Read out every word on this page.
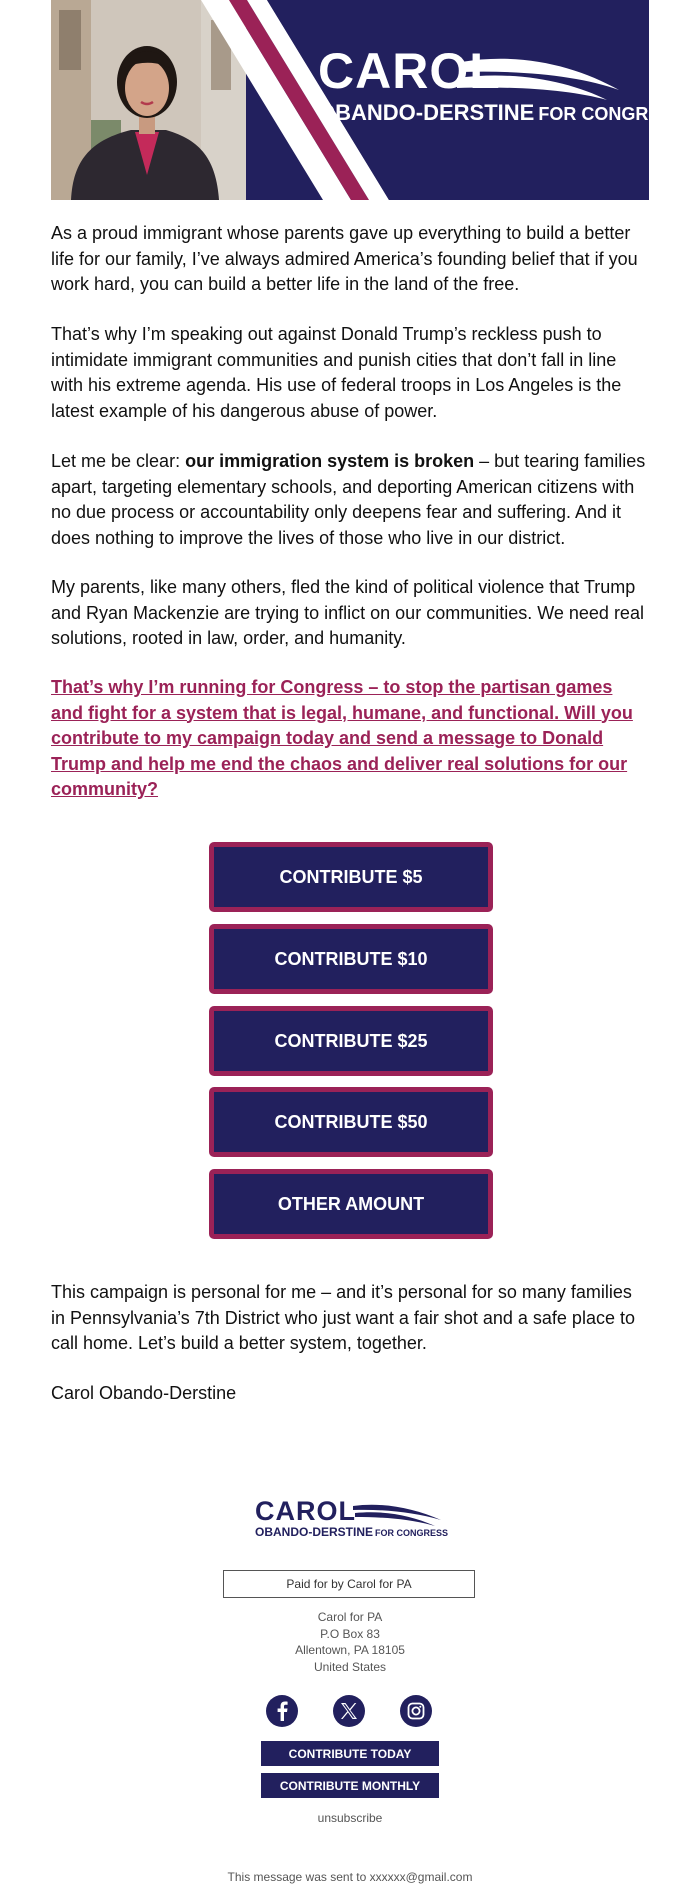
CAROL
OBANDO-DERSTINE FOR CONGRESS

As a proud immigrant whose parents gave up everything to build a better life for our family, I’ve always admired America’s founding belief that if you work hard, you can build a better life in the land of the free.

That’s why I’m speaking out against Donald Trump’s reckless push to intimidate immigrant communities and punish cities that don’t fall in line with his extreme agenda. His use of federal troops in Los Angeles is the latest example of his dangerous abuse of power.

Let me be clear: our immigration system is broken – but tearing families apart, targeting elementary schools, and deporting American citizens with no due process or accountability only deepens fear and suffering. And it does nothing to improve the lives of those who live in our district.

My parents, like many others, fled the kind of political violence that Trump and Ryan Mackenzie are trying to inflict on our communities. We need real solutions, rooted in law, order, and humanity.

That’s why I’m running for Congress – to stop the partisan games and fight for a system that is legal, humane, and functional. Will you contribute to my campaign today and send a message to Donald Trump and help me end the chaos and deliver real solutions for our community?

CONTRIBUTE $5
CONTRIBUTE $10
CONTRIBUTE $25
CONTRIBUTE $50
OTHER AMOUNT

This campaign is personal for me – and it’s personal for so many families in Pennsylvania’s 7th District who just want a fair shot and a safe place to call home. Let’s build a better system, together.

Carol Obando-Derstine

CAROL
OBANDO-DERSTINE FOR CONGRESS
Paid for by Carol for PA
Carol for PA
P.O Box 83
Allentown, PA 18105
United States
CONTRIBUTE TODAY
CONTRIBUTE MONTHLY
unsubscribe
This message was sent to xxxxxx@gmail.com
